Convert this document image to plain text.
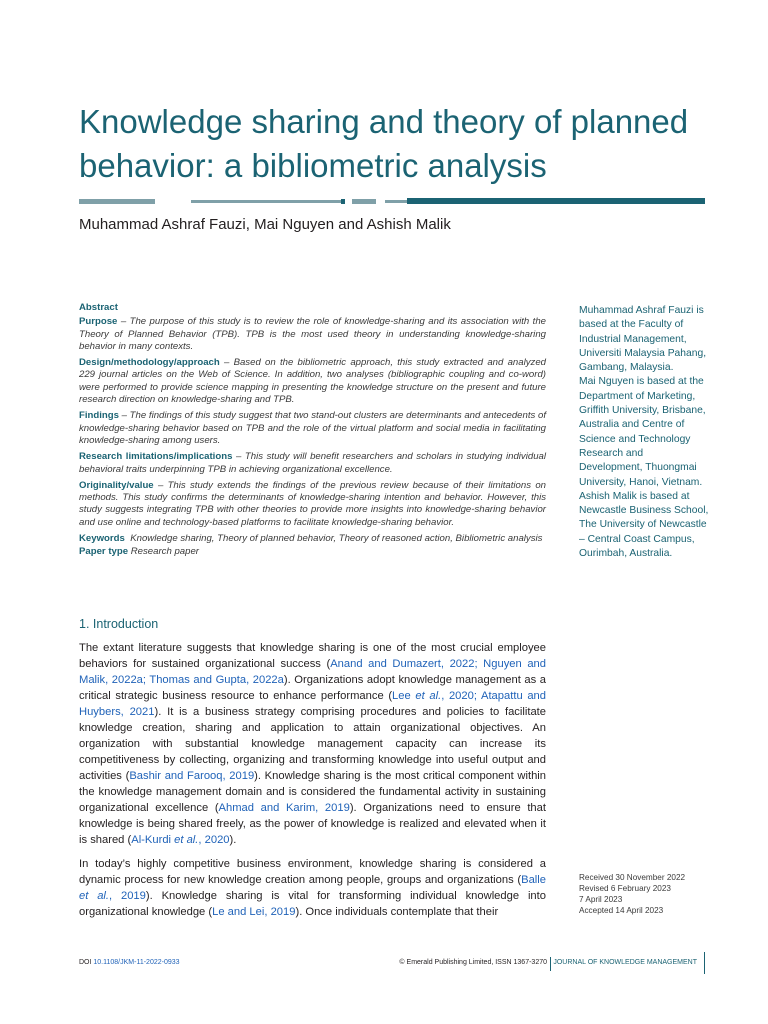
Knowledge sharing and theory of planned behavior: a bibliometric analysis
Muhammad Ashraf Fauzi, Mai Nguyen and Ashish Malik

Abstract

Purpose – The purpose of this study is to review the role of knowledge-sharing and its association with the Theory of Planned Behavior (TPB). TPB is the most used theory in understanding knowledge-sharing behavior in many contexts.

Design/methodology/approach – Based on the bibliometric approach, this study extracted and analyzed 229 journal articles on the Web of Science. In addition, two analyses (bibliographic coupling and co-word) were performed to provide science mapping in presenting the knowledge structure on the present and future research direction on knowledge-sharing and TPB.

Findings – The findings of this study suggest that two stand-out clusters are determinants and antecedents of knowledge-sharing behavior based on TPB and the role of the virtual platform and social media in facilitating knowledge-sharing among users.

Research limitations/implications – This study will benefit researchers and scholars in studying individual behavioral traits underpinning TPB in achieving organizational excellence.

Originality/value – This study extends the findings of the previous review because of their limitations on methods. This study confirms the determinants of knowledge-sharing intention and behavior. However, this study suggests integrating TPB with other theories to provide more insights into knowledge-sharing behavior and use online and technology-based platforms to facilitate knowledge-sharing behavior.

Keywords Knowledge sharing, Theory of planned behavior, Theory of reasoned action, Bibliometric analysis

Paper type Research paper

Muhammad Ashraf Fauzi is based at the Faculty of Industrial Management, Universiti Malaysia Pahang, Gambang, Malaysia.

Mai Nguyen is based at the Department of Marketing, Griffith University, Brisbane, Australia and Centre of Science and Technology Research and Development, Thuongmai University, Hanoi, Vietnam.

Ashish Malik is based at Newcastle Business School, The University of Newcastle – Central Coast Campus, Ourimbah, Australia.

1. Introduction

The extant literature suggests that knowledge sharing is one of the most crucial employee behaviors for sustained organizational success (Anand and Dumazert, 2022; Nguyen and Malik, 2022a; Thomas and Gupta, 2022a). Organizations adopt knowledge management as a critical strategic business resource to enhance performance (Lee et al., 2020; Atapattu and Huybers, 2021). It is a business strategy comprising procedures and policies to facilitate knowledge creation, sharing and application to attain organizational objectives. An organization with substantial knowledge management capacity can increase its competitiveness by collecting, organizing and transforming knowledge into useful output and activities (Bashir and Farooq, 2019). Knowledge sharing is the most critical component within the knowledge management domain and is considered the fundamental activity in sustaining organizational excellence (Ahmad and Karim, 2019). Organizations need to ensure that knowledge is being shared freely, as the power of knowledge is realized and elevated when it is shared (Al-Kurdi et al., 2020).

In today’s highly competitive business environment, knowledge sharing is considered a dynamic process for new knowledge creation among people, groups and organizations (Balle et al., 2019). Knowledge sharing is vital for transforming individual knowledge into organizational knowledge (Le and Lei, 2019). Once individuals contemplate that their

Received 30 November 2022

Revised 6 February 2023

7 April 2023

Accepted 14 April 2023

DOI 10.1108/JKM-11-2022-0933	© Emerald Publishing Limited, ISSN 1367-3270 JOURNAL OF KNOWLEDGE MANAGEMENT
